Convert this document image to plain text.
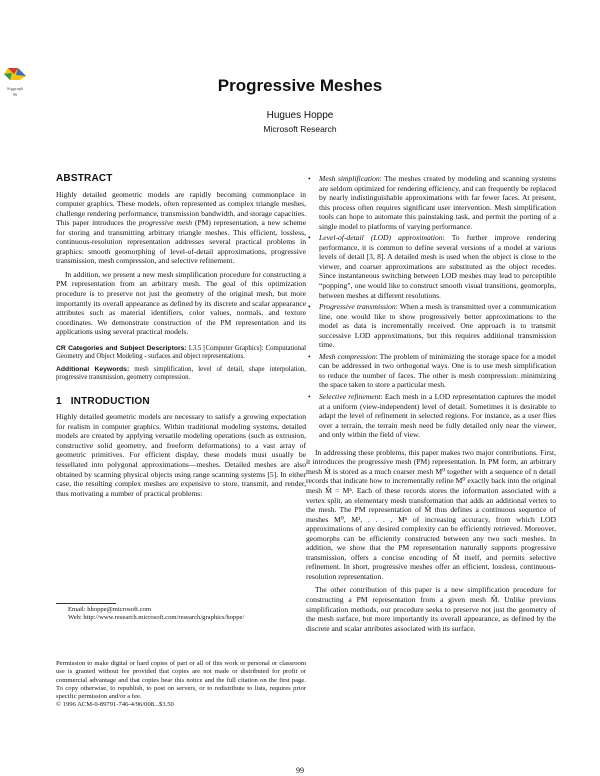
Siggraph
96	Progressive Meshes
Hugues Hoppe
Microsoft Research
ABSTRACT

Highly detailed geometric models are rapidly becoming commonplace in computer graphics. These models, often represented as complex triangle meshes, challenge rendering performance, transmission bandwidth, and storage capacities. This paper introduces the progressive mesh (PM) representation, a new scheme for storing and transmitting arbitrary triangle meshes. This efficient, lossless, continuous-resolution representation addresses several practical problems in graphics: smooth geomorphing of level-of-detail approximations, progressive transmission, mesh compression, and selective refinement.

In addition, we present a new mesh simplification procedure for constructing a PM representation from an arbitrary mesh. The goal of this optimization procedure is to preserve not just the geometry of the original mesh, but more importantly its overall appearance as defined by its discrete and scalar appearance attributes such as material identifiers, color values, normals, and texture coordinates. We demonstrate construction of the PM representation and its applications using several practical models.

CR Categories and Subject Descriptors: I.3.5 [Computer Graphics]: Computational Geometry and Object Modeling - surfaces and object representations.

Additional Keywords: mesh simplification, level of detail, shape interpolation, progressive transmission, geometry compression.

1   INTRODUCTION

Highly detailed geometric models are necessary to satisfy a growing expectation for realism in computer graphics. Within traditional modeling systems, detailed models are created by applying versatile modeling operations (such as extrusion, constructive solid geometry, and freeform deformations) to a vast array of geometric primitives. For efficient display, these models must usually be tessellated into polygonal approximations—meshes. Detailed meshes are also obtained by scanning physical objects using range scanning systems [5]. In either case, the resulting complex meshes are expensive to store, transmit, and render, thus motivating a number of practical problems:

Email: hhoppe@microsoft.com
Web: http://www.research.microsoft.com/research/graphics/hoppe/
Permission to make digital or hard copies of part or all of this work or personal or classroom use is granted without fee provided that copies are not made or distributed for profit or commercial advantage and that copies bear this notice and the full citation on the first page. To copy otherwise, to republish, to post on servers, or to redistribute to lists, requires prior specific permission and/or a fee.
© 1996 ACM-0-89791-746-4/96/008...$3.50
• Mesh simplification: The meshes created by modeling and scanning systems are seldom optimized for rendering efficiency, and can frequently be replaced by nearly indistinguishable approximations with far fewer faces. At present, this process often requires significant user intervention. Mesh simplification tools can hope to automate this painstaking task, and permit the porting of a single model to platforms of varying performance.
• Level-of-detail (LOD) approximation: To further improve rendering performance, it is common to define several versions of a model at various levels of detail [3, 8]. A detailed mesh is used when the object is close to the viewer, and coarser approximations are substituted as the object recedes. Since instantaneous switching between LOD meshes may lead to perceptible “popping”, one would like to construct smooth visual transitions, geomorphs, between meshes at different resolutions.
• Progressive transmission: When a mesh is transmitted over a communication line, one would like to show progressively better approximations to the model as data is incrementally received. One approach is to transmit successive LOD approximations, but this requires additional transmission time.
• Mesh compression: The problem of minimizing the storage space for a model can be addressed in two orthogonal ways. One is to use mesh simplification to reduce the number of faces. The other is mesh compression: minimizing the space taken to store a particular mesh.
• Selective refinement: Each mesh in a LOD representation captures the model at a uniform (view-independent) level of detail. Sometimes it is desirable to adapt the level of refinement in selected regions. For instance, as a user flies over a terrain, the terrain mesh need be fully detailed only near the viewer, and only within the field of view.

In addressing these problems, this paper makes two major contributions. First, it introduces the progressive mesh (PM) representation. In PM form, an arbitrary mesh M̂ is stored as a much coarser mesh M⁰ together with a sequence of n detail records that indicate how to incrementally refine M⁰ exactly back into the original mesh M̂ = Mⁿ. Each of these records stores the information associated with a vertex split, an elementary mesh transformation that adds an additional vertex to the mesh. The PM representation of M̂ thus defines a continuous sequence of meshes M⁰, M¹, . . . , Mⁿ of increasing accuracy, from which LOD approximations of any desired complexity can be efficiently retrieved. Moreover, geomorphs can be efficiently constructed between any two such meshes. In addition, we show that the PM representation naturally supports progressive transmission, offers a concise encoding of M̂ itself, and permits selective refinement. In short, progressive meshes offer an efficient, lossless, continuous-resolution representation.

The other contribution of this paper is a new simplification procedure for constructing a PM representation from a given mesh M̂. Unlike previous simplification methods, our procedure seeks to preserve not just the geometry of the mesh surface, but more importantly its overall appearance, as defined by the discrete and scalar attributes associated with its surface.

99
